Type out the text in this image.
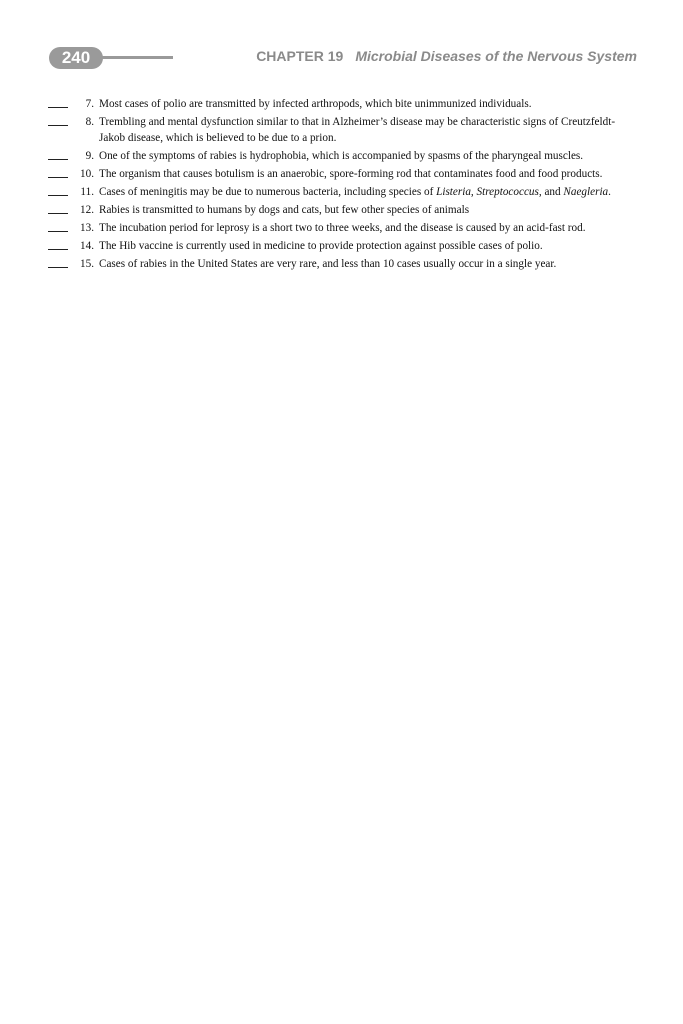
240	CHAPTER 19 Microbial Diseases of the Nervous System
7. Most cases of polio are transmitted by infected arthropods, which bite unimmunized individuals.
8. Trembling and mental dysfunction similar to that in Alzheimer’s disease may be characteristic signs of Creutzfeldt-Jakob disease, which is believed to be due to a prion.
9. One of the symptoms of rabies is hydrophobia, which is accompanied by spasms of the pharyngeal muscles.
10. The organism that causes botulism is an anaerobic, spore-forming rod that contaminates food and food products.
11. Cases of meningitis may be due to numerous bacteria, including species of Listeria, Streptococcus, and Naegleria.
12. Rabies is transmitted to humans by dogs and cats, but few other species of animals
13. The incubation period for leprosy is a short two to three weeks, and the disease is caused by an acid-fast rod.
14. The Hib vaccine is currently used in medicine to provide protection against possible cases of polio.
15. Cases of rabies in the United States are very rare, and less than 10 cases usually occur in a single year.
